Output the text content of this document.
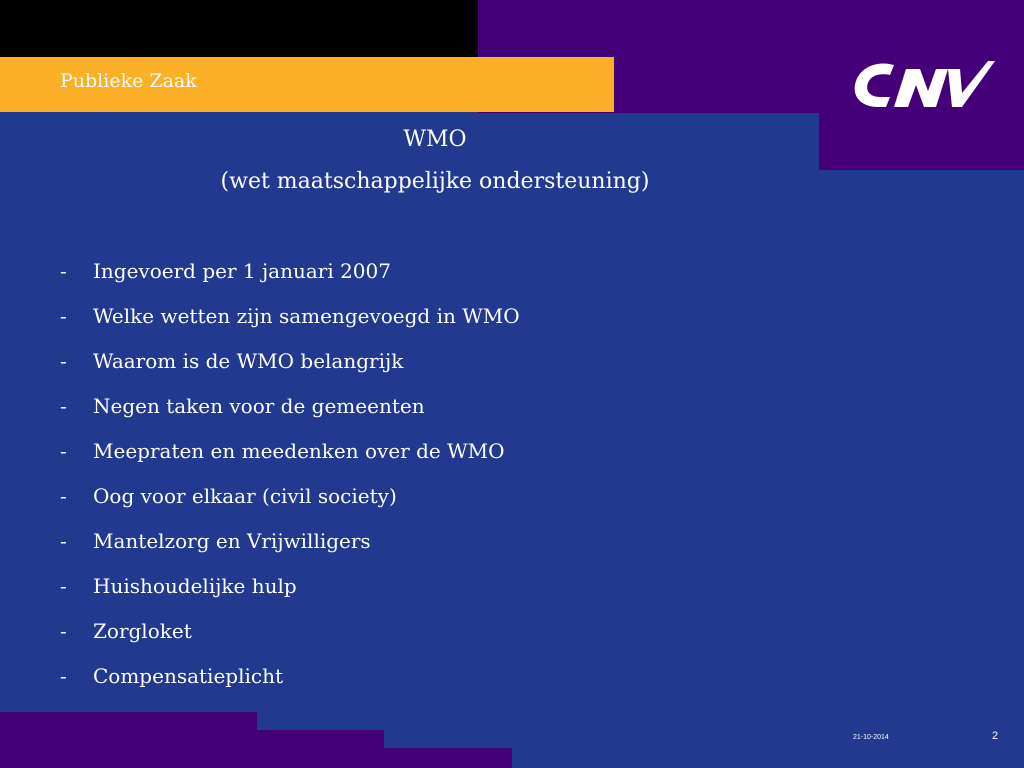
Publieke Zaak
WMO
(wet maatschappelijke ondersteuning)
-	Ingevoerd per 1 januari 2007
-	Welke wetten zijn samengevoegd in WMO
-	Waarom is de WMO belangrijk
-	Negen taken voor de gemeenten
-	Meepraten en meedenken over de WMO
-	Oog voor elkaar (civil society)
-	Mantelzorg en Vrijwilligers
-	Huishoudelijke hulp
-	Zorgloket
-	Compensatieplicht
21-10-2014	2
